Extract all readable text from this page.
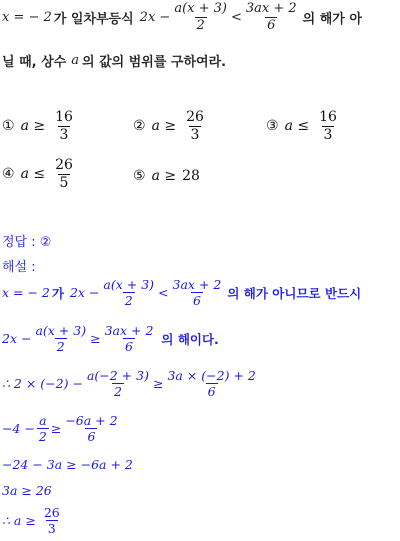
x = − 2 가 일차부등식 $2x - \frac{a(x + 3)}{2} < \frac{3ax + 2}{6}$ 의 해가 아
닐 때, 상수 a 의 값의 범위를 구하여라.
① $a \ge \frac{16}{3}$	② $a \ge \frac{26}{3}$	③ $a \le \frac{16}{3}$
④ $a \le \frac{26}{5}$	⑤ a ≥ 28
정답 : ②
해설 :
x = − 2 가 $2x - \frac{a(x + 3)}{2} < \frac{3ax + 2}{6}$ 의 해가 아니므로 반드시
$2x - \frac{a(x + 3)}{2} \ge \frac{3ax + 2}{6}$ 의 해이다.
∴ $2 \times (-2) - \frac{a(-2 + 3)}{2} \ge \frac{3a \times (-2) + 2}{6}$
$-4 - \frac{a}{2} \ge \frac{-6a + 2}{6}$
−24 − 3a ≥ −6a + 2
3a ≥ 26
∴ $a \ge \frac{26}{3}$
